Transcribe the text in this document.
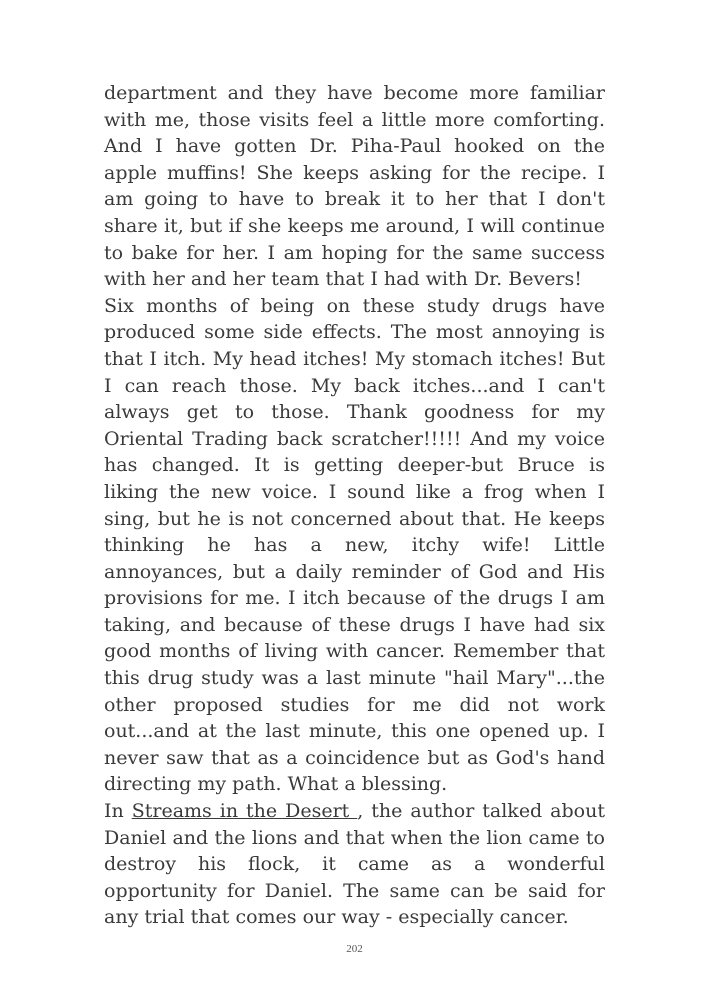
department and they have become more familiar with me, those visits feel a little more comforting. And I have gotten Dr. Piha-Paul hooked on the apple muffins! She keeps asking for the recipe. I am going to have to break it to her that I don't share it, but if she keeps me around, I will continue to bake for her. I am hoping for the same success with her and her team that I had with Dr. Bevers!

Six months of being on these study drugs have produced some side effects. The most annoying is that I itch. My head itches! My stomach itches! But I can reach those. My back itches...and I can't always get to those. Thank goodness for my Oriental Trading back scratcher!!!!! And my voice has changed. It is getting deeper-but Bruce is liking the new voice. I sound like a frog when I sing, but he is not concerned about that. He keeps thinking he has a new, itchy wife! Little annoyances, but a daily reminder of God and His provisions for me. I itch because of the drugs I am taking, and because of these drugs I have had six good months of living with cancer. Remember that this drug study was a last minute "hail Mary"...the other proposed studies for me did not work out...and at the last minute, this one opened up. I never saw that as a coincidence but as God's hand directing my path. What a blessing.

In Streams in the Desert , the author talked about Daniel and the lions and that when the lion came to destroy his flock, it came as a wonderful opportunity for Daniel. The same can be said for any trial that comes our way - especially cancer.

202
